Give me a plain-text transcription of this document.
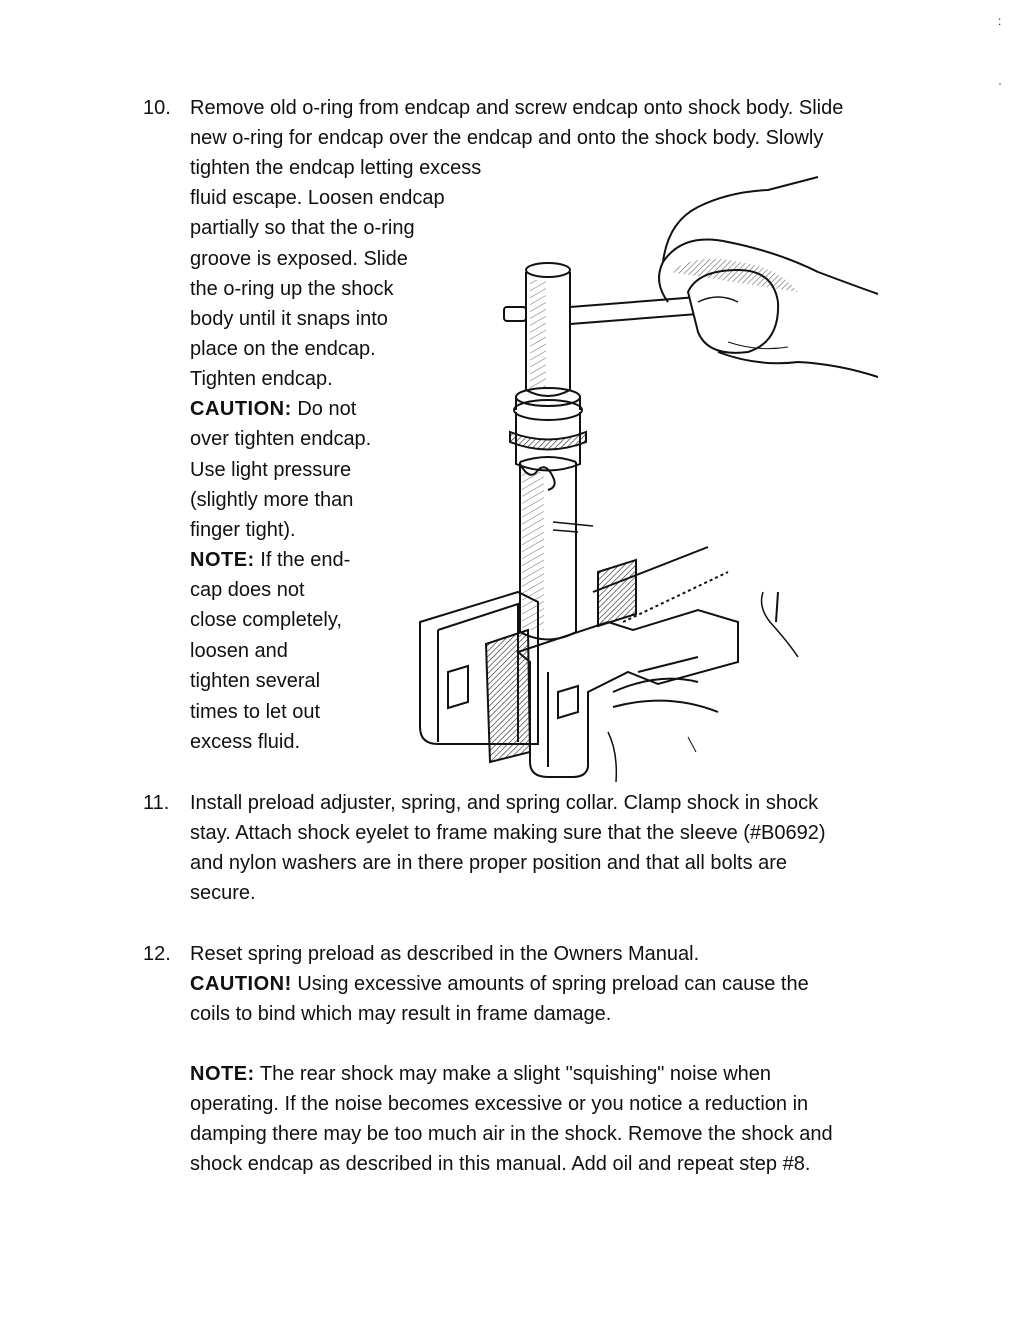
10. Remove old o-ring from endcap and screw endcap onto shock body. Slide
new o-ring for endcap over the endcap and onto the shock body. Slowly
tighten the endcap letting excess
fluid escape. Loosen endcap
partially so that the o-ring
groove is exposed. Slide
the o-ring up the shock
body until it snaps into
place on the endcap.
Tighten endcap.
CAUTION: Do not
over tighten endcap.
Use light pressure
(slightly more than
finger tight).
NOTE: If the end-
cap does not
close completely,
loosen and
tighten several
times to let out
excess fluid.
11. Install preload adjuster, spring, and spring collar. Clamp shock in shock
stay. Attach shock eyelet to frame making sure that the sleeve (#B0692)
and nylon washers are in there proper position and that all bolts are
secure.
12. Reset spring preload as described in the Owners Manual.
CAUTION! Using excessive amounts of spring preload can cause the
coils to bind which may result in frame damage.
NOTE: The rear shock may make a slight "squishing" noise when
operating. If the noise becomes excessive or you notice a reduction in
damping there may be too much air in the shock. Remove the shock and
shock endcap as described in this manual. Add oil and repeat step #8.
:
·
